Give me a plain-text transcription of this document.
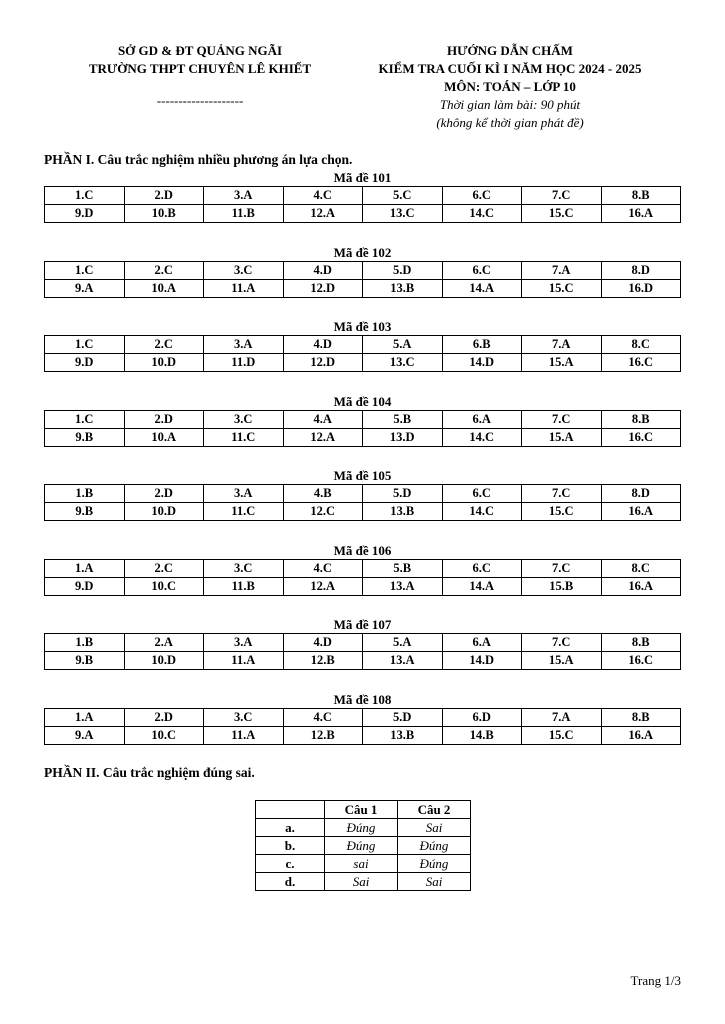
SỞ GD & ĐT QUẢNG NGÃI
TRƯỜNG THPT CHUYÊN LÊ KHIẾT
--------------------
HƯỚNG DẪN CHẤM
KIỂM TRA CUỐI KÌ I NĂM HỌC 2024 - 2025
MÔN: TOÁN – LỚP 10
Thời gian làm bài: 90 phút
(không kể thời gian phát đề)
PHẦN I. Câu trắc nghiệm nhiều phương án lựa chọn.
Mã đề 101
1.C	2.D	3.A	4.C	5.C	6.C	7.C	8.B
9.D	10.B	11.B	12.A	13.C	14.C	15.C	16.A
Mã đề 102
1.C	2.C	3.C	4.D	5.D	6.C	7.A	8.D
9.A	10.A	11.A	12.D	13.B	14.A	15.C	16.D
Mã đề 103
1.C	2.C	3.A	4.D	5.A	6.B	7.A	8.C
9.D	10.D	11.D	12.D	13.C	14.D	15.A	16.C
Mã đề 104
1.C	2.D	3.C	4.A	5.B	6.A	7.C	8.B
9.B	10.A	11.C	12.A	13.D	14.C	15.A	16.C
Mã đề 105
1.B	2.D	3.A	4.B	5.D	6.C	7.C	8.D
9.B	10.D	11.C	12.C	13.B	14.C	15.C	16.A
Mã đề 106
1.A	2.C	3.C	4.C	5.B	6.C	7.C	8.C
9.D	10.C	11.B	12.A	13.A	14.A	15.B	16.A
Mã đề 107
1.B	2.A	3.A	4.D	5.A	6.A	7.C	8.B
9.B	10.D	11.A	12.B	13.A	14.D	15.A	16.C
Mã đề 108
1.A	2.D	3.C	4.C	5.D	6.D	7.A	8.B
9.A	10.C	11.A	12.B	13.B	14.B	15.C	16.A
PHẦN II. Câu trắc nghiệm đúng sai.
	Câu 1	Câu 2
a.	Đúng	Sai
b.	Đúng	Đúng
c.	sai	Đúng
d.	Sai	Sai
Trang 1/3
